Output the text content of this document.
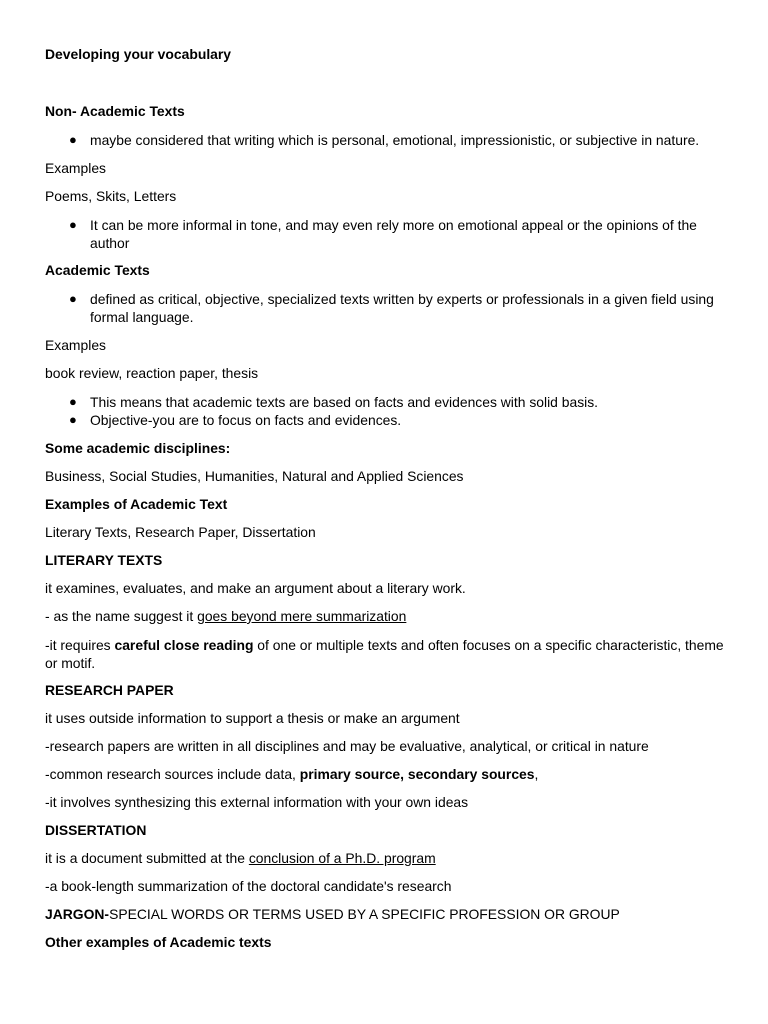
Developing your vocabulary
Non- Academic Texts
● maybe considered that writing which is personal, emotional, impressionistic, or subjective in nature.
Examples
Poems, Skits, Letters
● It can be more informal in tone, and may even rely more on emotional appeal or the opinions of the author
Academic Texts
● defined as critical, objective, specialized texts written by experts or professionals in a given field using formal language.
Examples
book review, reaction paper, thesis
● This means that academic texts are based on facts and evidences with solid basis.
● Objective-you are to focus on facts and evidences.
Some academic disciplines:
Business, Social Studies, Humanities, Natural and Applied Sciences
Examples of Academic Text
Literary Texts, Research Paper, Dissertation
LITERARY TEXTS
it examines, evaluates, and make an argument about a literary work.
- as the name suggest it goes beyond mere summarization
-it requires careful close reading of one or multiple texts and often focuses on a specific characteristic, theme or motif.
RESEARCH PAPER
it uses outside information to support a thesis or make an argument
-research papers are written in all disciplines and may be evaluative, analytical, or critical in nature
-common research sources include data, primary source, secondary sources,
-it involves synthesizing this external information with your own ideas
DISSERTATION
it is a document submitted at the conclusion of a Ph.D. program
-a book-length summarization of the doctoral candidate's research
JARGON-SPECIAL WORDS OR TERMS USED BY A SPECIFIC PROFESSION OR GROUP
Other examples of Academic texts
